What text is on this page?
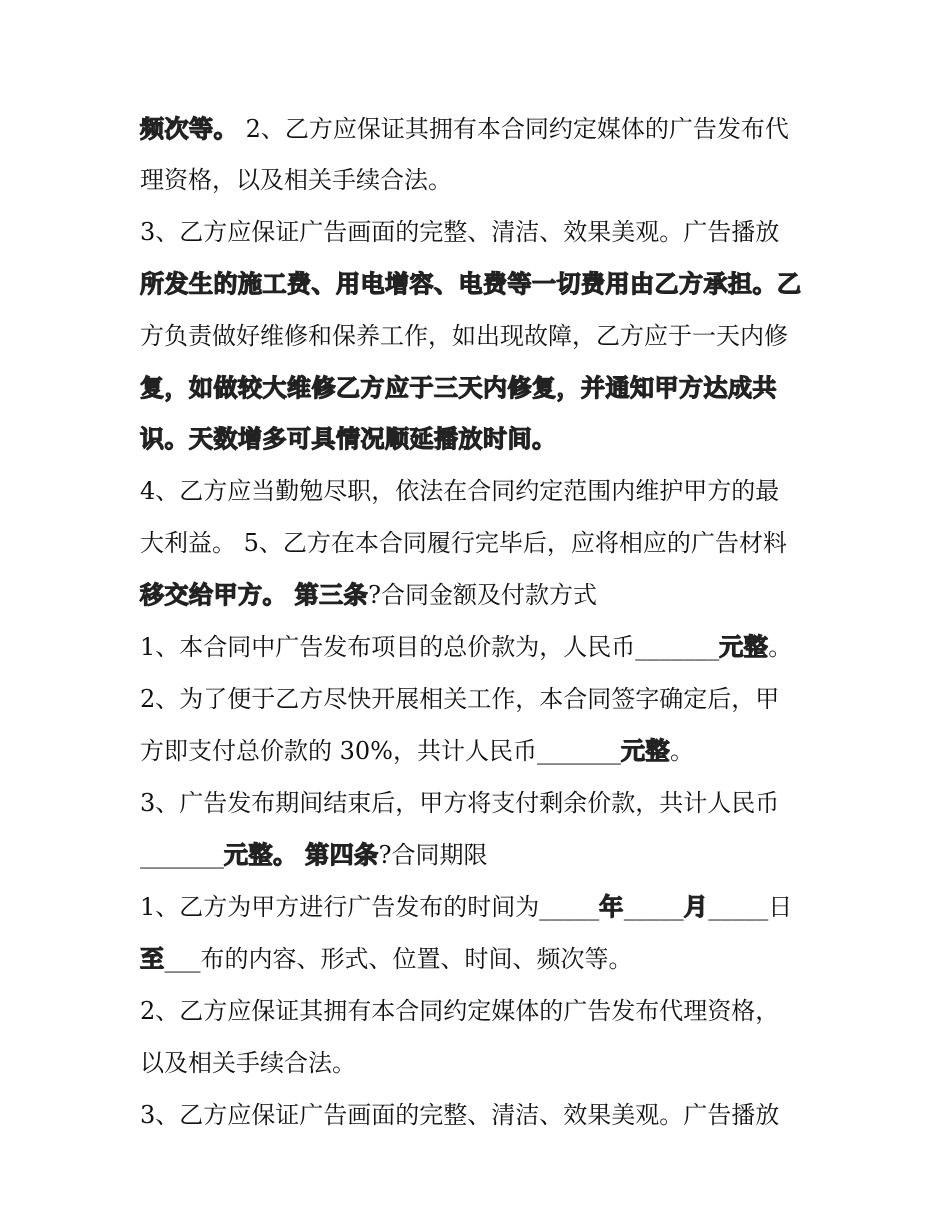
频次等。 2、乙方应保证其拥有本合同约定媒体的广告发布代
理资格，以及相关手续合法。
3、乙方应保证广告画面的完整、清洁、效果美观。广告播放
所发生的施工费、用电增容、电费等一切费用由乙方承担。乙
方负责做好维修和保养工作，如出现故障，乙方应于一天内修
复，如做较大维修乙方应于三天内修复，并通知甲方达成共
识。天数增多可具情况顺延播放时间。
4、乙方应当勤勉尽职，依法在合同约定范围内维护甲方的最
大利益。 5、乙方在本合同履行完毕后，应将相应的广告材料
移交给甲方。 第三条?合同金额及付款方式
1、本合同中广告发布项目的总价款为，人民币_______元整。
2、为了便于乙方尽快开展相关工作，本合同签字确定后，甲
方即支付总价款的 30%，共计人民币_______元整。
3、广告发布期间结束后，甲方将支付剩余价款，共计人民币
_______元整。 第四条?合同期限
1、乙方为甲方进行广告发布的时间为_____年_____月_____日
至___布的内容、形式、位置、时间、频次等。
2、乙方应保证其拥有本合同约定媒体的广告发布代理资格，
以及相关手续合法。
3、乙方应保证广告画面的完整、清洁、效果美观。广告播放
